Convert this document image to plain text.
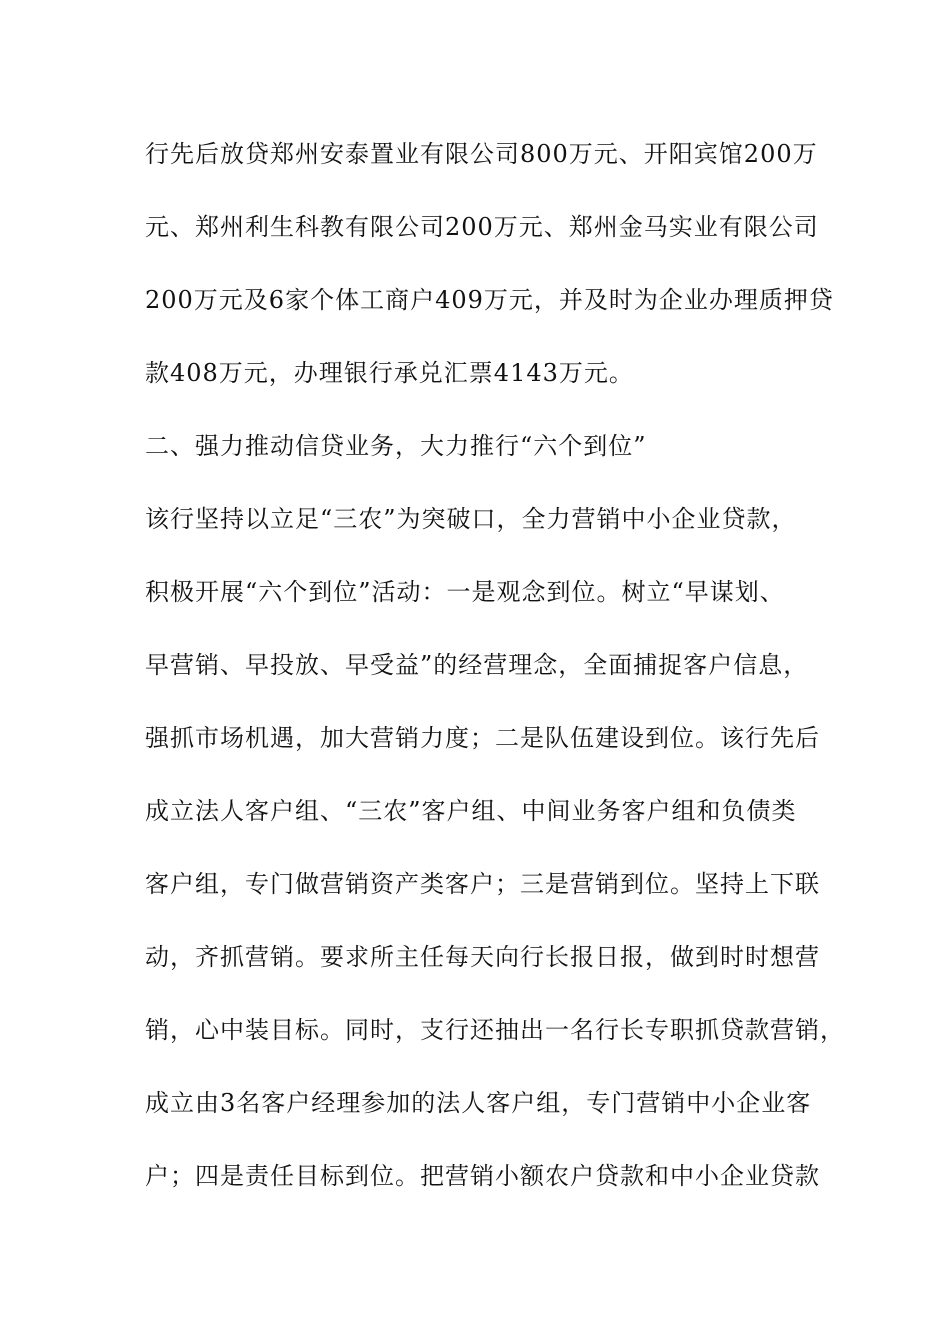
行先后放贷郑州安泰置业有限公司800万元、开阳宾馆200万
元、郑州利生科教有限公司200万元、郑州金马实业有限公司
200万元及6家个体工商户409万元，并及时为企业办理质押贷
款408万元，办理银行承兑汇票4143万元。
二、强力推动信贷业务，大力推行“六个到位”
该行坚持以立足“三农”为突破口，全力营销中小企业贷款，
积极开展“六个到位”活动：一是观念到位。树立“早谋划、
早营销、早投放、早受益”的经营理念，全面捕捉客户信息，
强抓市场机遇，加大营销力度；二是队伍建设到位。该行先后
成立法人客户组、“三农”客户组、中间业务客户组和负债类
客户组，专门做营销资产类客户；三是营销到位。坚持上下联
动，齐抓营销。要求所主任每天向行长报日报，做到时时想营
销，心中装目标。同时，支行还抽出一名行长专职抓贷款营销，
成立由3名客户经理参加的法人客户组，专门营销中小企业客
户；四是责任目标到位。把营销小额农户贷款和中小企业贷款
